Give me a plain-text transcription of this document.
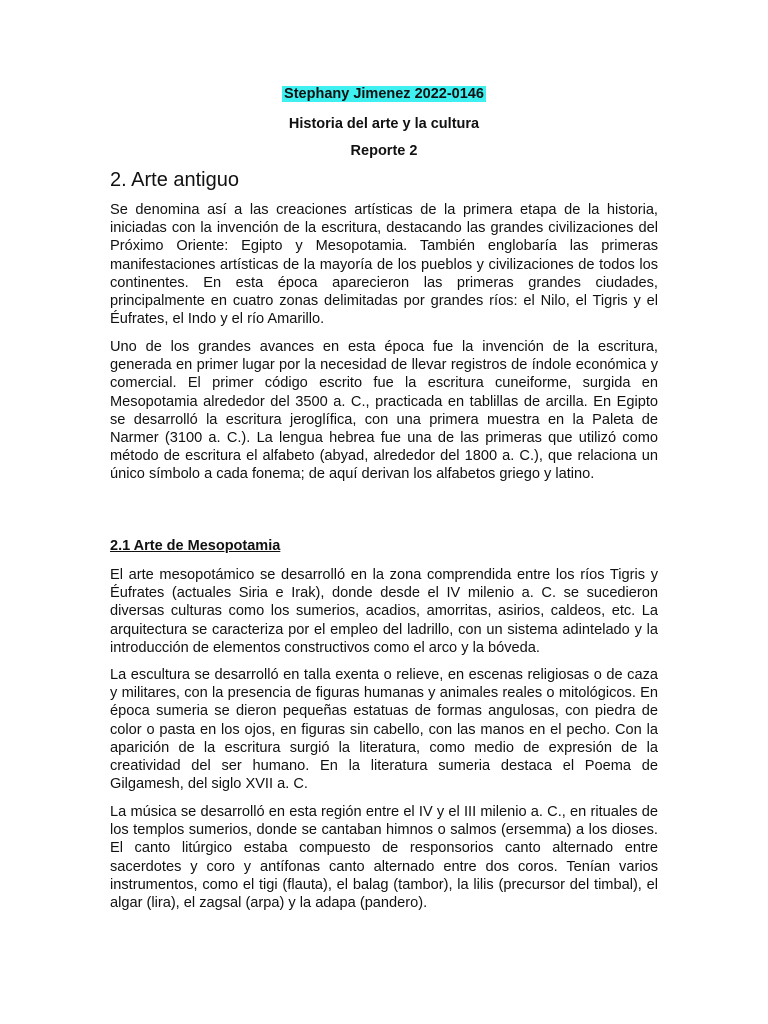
Stephany Jimenez 2022-0146
Historia del arte y la cultura
Reporte 2
2. Arte antiguo

Se denomina así a las creaciones artísticas de la primera etapa de la historia, iniciadas con la invención de la escritura, destacando las grandes civilizaciones del Próximo Oriente: Egipto y Mesopotamia. También englobaría las primeras manifestaciones artísticas de la mayoría de los pueblos y civilizaciones de todos los continentes. En esta época aparecieron las primeras grandes ciudades, principalmente en cuatro zonas delimitadas por grandes ríos: el Nilo, el Tigris y el Éufrates, el Indo y el río Amarillo.

Uno de los grandes avances en esta época fue la invención de la escritura, generada en primer lugar por la necesidad de llevar registros de índole económica y comercial. El primer código escrito fue la escritura cuneiforme, surgida en Mesopotamia alrededor del 3500 a. C., practicada en tablillas de arcilla. En Egipto se desarrolló la escritura jeroglífica, con una primera muestra en la Paleta de Narmer (3100 a. C.). La lengua hebrea fue una de las primeras que utilizó como método de escritura el alfabeto (abyad, alrededor del 1800 a. C.), que relaciona un único símbolo a cada fonema; de aquí derivan los alfabetos griego y latino.

2.1 Arte de Mesopotamia

El arte mesopotámico se desarrolló en la zona comprendida entre los ríos Tigris y Éufrates (actuales Siria e Irak), donde desde el IV milenio a. C. se sucedieron diversas culturas como los sumerios, acadios, amorritas, asirios, caldeos, etc. La arquitectura se caracteriza por el empleo del ladrillo, con un sistema adintelado y la introducción de elementos constructivos como el arco y la bóveda.

La escultura se desarrolló en talla exenta o relieve, en escenas religiosas o de caza y militares, con la presencia de figuras humanas y animales reales o mitológicos. En época sumeria se dieron pequeñas estatuas de formas angulosas, con piedra de color o pasta en los ojos, en figuras sin cabello, con las manos en el pecho. Con la aparición de la escritura surgió la literatura, como medio de expresión de la creatividad del ser humano. En la literatura sumeria destaca el Poema de Gilgamesh, del siglo XVII a. C.

La música se desarrolló en esta región entre el IV y el III milenio a. C., en rituales de los templos sumerios, donde se cantaban himnos o salmos (ersemma) a los dioses. El canto litúrgico estaba compuesto de responsorios canto alternado entre sacerdotes y coro y antífonas canto alternado entre dos coros. Tenían varios instrumentos, como el tigi (flauta), el balag (tambor), la lilis (precursor del timbal), el algar (lira), el zagsal (arpa) y la adapa (pandero).
